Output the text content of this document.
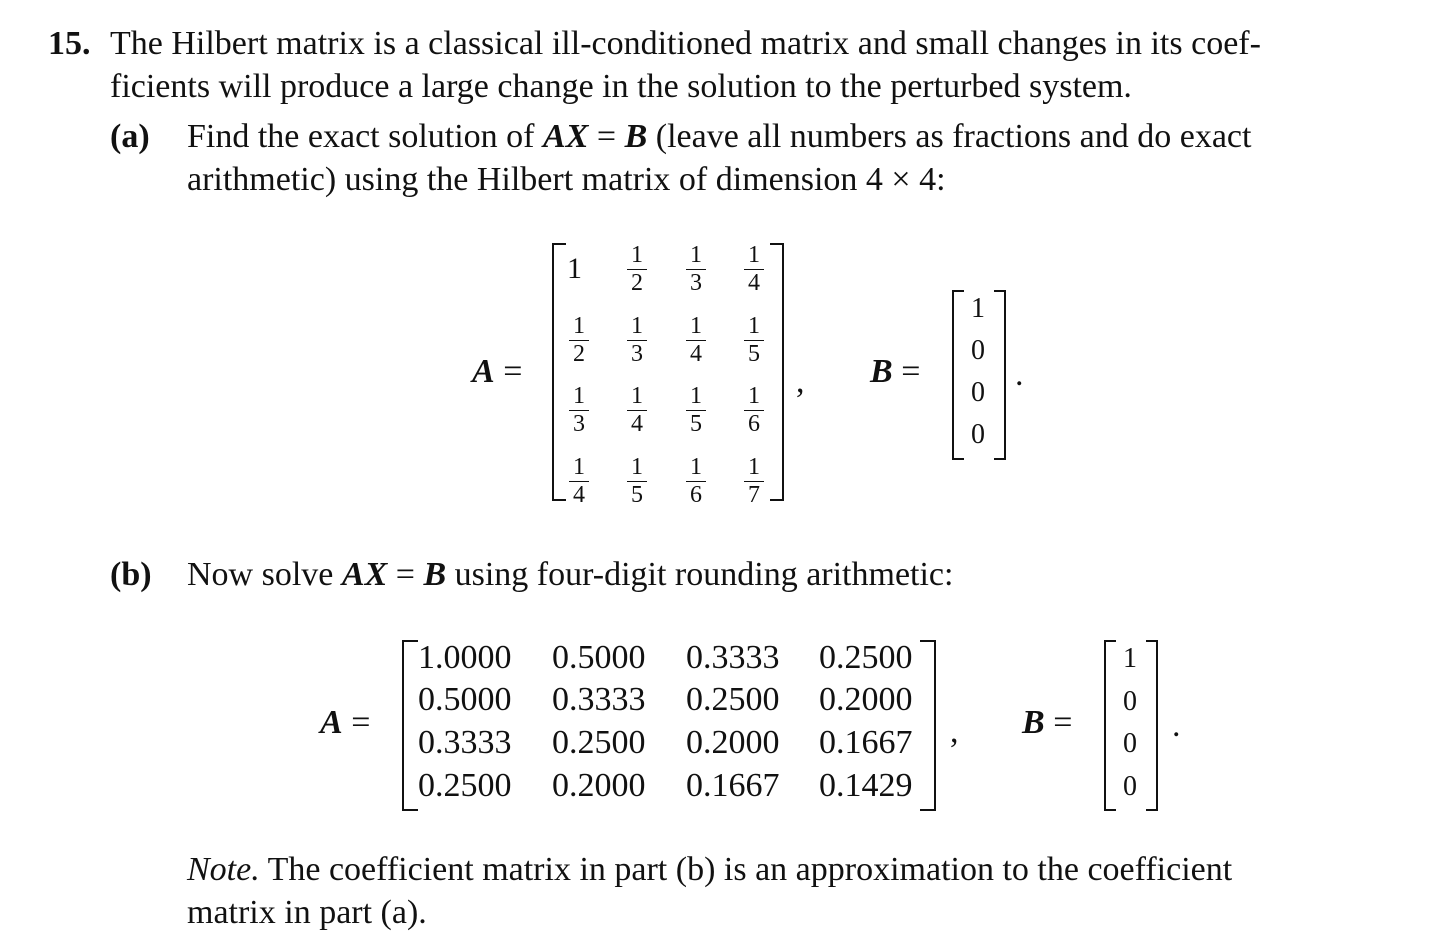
15. The Hilbert matrix is a classical ill-conditioned matrix and small changes in its coef-
ficients will produce a large change in the solution to the perturbed system.
(a) Find the exact solution of AX = B (leave all numbers as fractions and do exact
arithmetic) using the Hilbert matrix of dimension 4 × 4:
A =
1 1
2
1
3
1
4
1
2
1
3
1
4
1
5
1
3
1
4
1
5
1
6
1
4
1
5
1
6
1
7
, B =
1
0
0
0
.
(b) Now solve AX = B using four-digit rounding arithmetic:
A =
1.0000 0.5000 0.3333 0.2500
0.5000 0.3333 0.2500 0.2000
0.3333 0.2500 0.2000 0.1667
0.2500 0.2000 0.1667 0.1429
, B =
1
0
0
0
.
Note. The coefficient matrix in part (b) is an approximation to the coefficient
matrix in part (a).
